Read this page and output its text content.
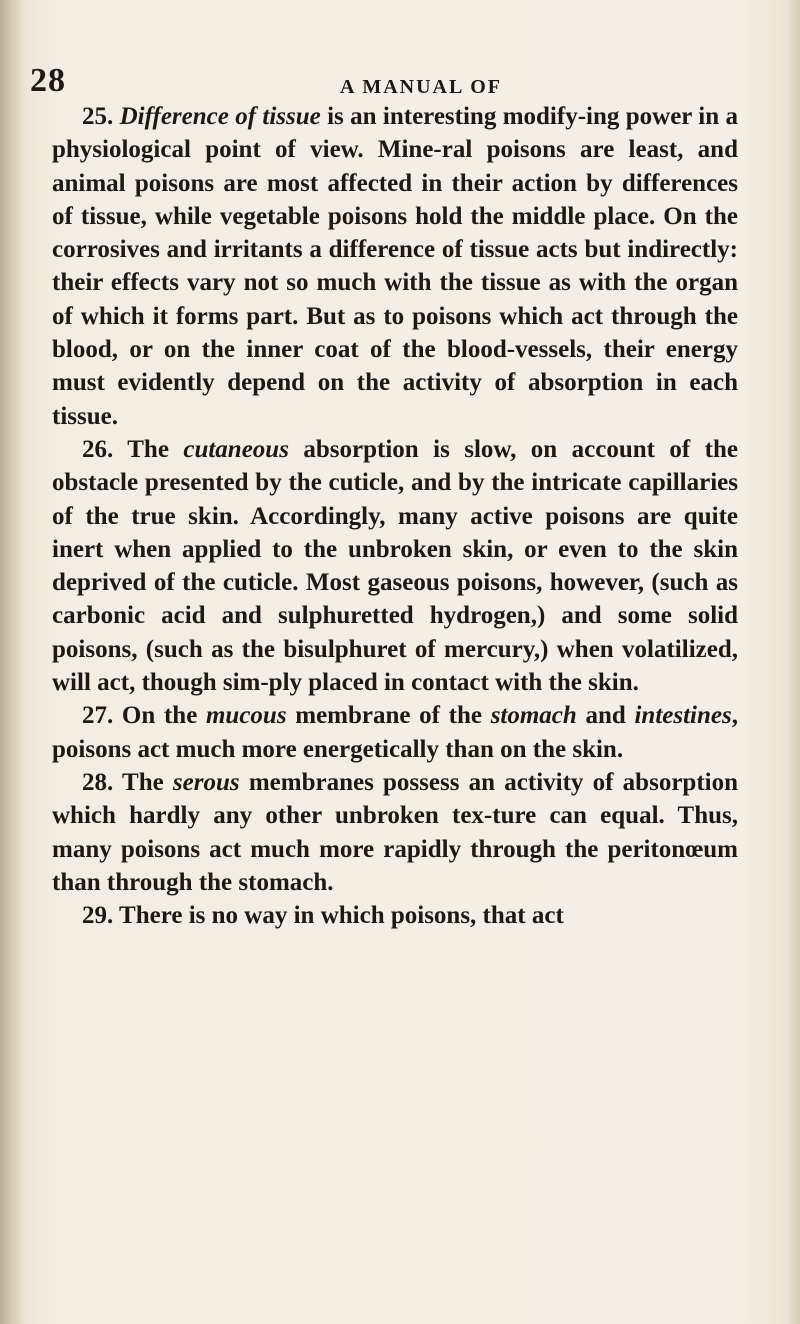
28	A MANUAL OF

25. Difference of tissue is an interesting modify-ing power in a physiological point of view. Mine-ral poisons are least, and animal poisons are most affected in their action by differences of tissue, while vegetable poisons hold the middle place. On the corrosives and irritants a difference of tissue acts but indirectly: their effects vary not so much with the tissue as with the organ of which it forms part. But as to poisons which act through the blood, or on the inner coat of the blood-vessels, their energy must evidently depend on the activity of absorption in each tissue.

26. The cutaneous absorption is slow, on account of the obstacle presented by the cuticle, and by the intricate capillaries of the true skin. Accordingly, many active poisons are quite inert when applied to the unbroken skin, or even to the skin deprived of the cuticle. Most gaseous poisons, however, (such as carbonic acid and sulphuretted hydrogen,) and some solid poisons, (such as the bisulphuret of mercury,) when volatilized, will act, though sim-ply placed in contact with the skin.

27. On the mucous membrane of the stomach and intestines, poisons act much more energetically than on the skin.

28. The serous membranes possess an activity of absorption which hardly any other unbroken tex-ture can equal. Thus, many poisons act much more rapidly through the peritonœum than through the stomach.

29. There is no way in which poisons, that act
